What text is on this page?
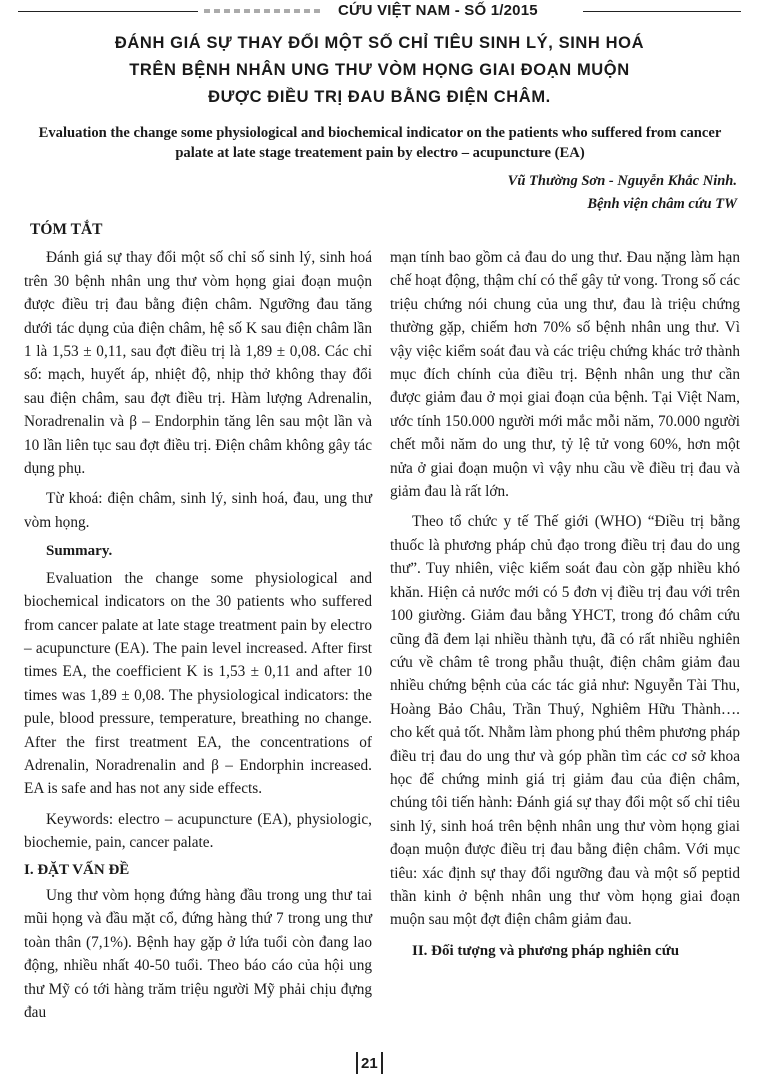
CỨU VIỆT NAM - SỐ 1/2015
ĐÁNH GIÁ SỰ THAY ĐỔI MỘT SỐ CHỈ TIÊU SINH LÝ, SINH HOÁ
TRÊN BỆNH NHÂN UNG THƯ VÒM HỌNG GIAI ĐOẠN MUỘN
ĐƯỢC ĐIỀU TRỊ ĐAU BẰNG ĐIỆN CHÂM.
Evaluation the change some physiological and biochemical indicator on the patients who suffered from cancer palate at late stage treatement pain by electro – acupuncture (EA)
Vũ Thường Sơn - Nguyễn Khắc Ninh.
Bệnh viện châm cứu TW
TÓM TẮT

Đánh giá sự thay đổi một số chỉ số sinh lý, sinh hoá trên 30 bệnh nhân ung thư vòm họng giai đoạn muộn được điều trị đau bằng điện châm. Ngưỡng đau tăng dưới tác dụng của điện châm, hệ số K sau điện châm lần 1 là 1,53 ± 0,11, sau đợt điều trị là 1,89 ± 0,08. Các chỉ số: mạch, huyết áp, nhiệt độ, nhịp thở không thay đổi sau điện châm, sau đợt điều trị. Hàm lượng Adrenalin, Noradrenalin và β – Endorphin tăng lên sau một lần và 10 lần liên tục sau đợt điều trị. Điện châm không gây tác dụng phụ.

Từ khoá: điện châm, sinh lý, sinh hoá, đau, ung thư vòm họng.

Summary.

Evaluation the change some physiological and biochemical indicators on the 30 patients who suffered from cancer palate at late stage treatment pain by electro – acupuncture (EA). The pain level increased. After first times EA, the coefficient K is 1,53 ± 0,11 and after 10 times was 1,89 ± 0,08. The physiological indicators: the pule, blood pressure, temperature, breathing no change. After the first treatment EA, the concentrations of Adrenalin, Noradrenalin and β – Endorphin increased. EA is safe and has not any side effects.

Keywords: electro – acupuncture (EA), physiologic, biochemie, pain, cancer palate.

I. ĐẶT VẤN ĐỀ

Ung thư vòm họng đứng hàng đầu trong ung thư tai mũi họng và đầu mặt cổ, đứng hàng thứ 7 trong ung thư toàn thân (7,1%). Bệnh hay gặp ở lứa tuổi còn đang lao động, nhiều nhất 40-50 tuổi. Theo báo cáo của hội ung thư Mỹ có tới hàng trăm triệu người Mỹ phải chịu đựng đau

mạn tính bao gồm cả đau do ung thư. Đau nặng làm hạn chế hoạt động, thậm chí có thể gây tử vong. Trong số các triệu chứng nói chung của ung thư, đau là triệu chứng thường gặp, chiếm hơn 70% số bệnh nhân ung thư. Vì vậy việc kiểm soát đau và các triệu chứng khác trở thành mục đích chính của điều trị. Bệnh nhân ung thư cần được giảm đau ở mọi giai đoạn của bệnh. Tại Việt Nam, ước tính 150.000 người mới mắc mỗi năm, 70.000 người chết mỗi năm do ung thư, tỷ lệ tử vong 60%, hơn một nửa ở giai đoạn muộn vì vậy nhu cầu về điều trị đau và giảm đau là rất lớn.

Theo tổ chức y tế Thế giới (WHO) “Điều trị bằng thuốc là phương pháp chủ đạo trong điều trị đau do ung thư”. Tuy nhiên, việc kiểm soát đau còn gặp nhiều khó khăn. Hiện cả nước mới có 5 đơn vị điều trị đau với trên 100 giường. Giảm đau bằng YHCT, trong đó châm cứu cũng đã đem lại nhiều thành tựu, đã có rất nhiều nghiên cứu về châm tê trong phẫu thuật, điện châm giảm đau nhiều chứng bệnh của các tác giả như: Nguyễn Tài Thu, Hoàng Bảo Châu, Trần Thuý, Nghiêm Hữu Thành…. cho kết quả tốt. Nhằm làm phong phú thêm phương pháp điều trị đau do ung thư và góp phần tìm các cơ sở khoa học để chứng minh giá trị giảm đau của điện châm, chúng tôi tiến hành: Đánh giá sự thay đổi một số chỉ tiêu sinh lý, sinh hoá trên bệnh nhân ung thư vòm họng giai đoạn muộn được điều trị đau bằng điện châm. Với mục tiêu: xác định sự thay đổi ngưỡng đau và một số peptid thần kinh ở bệnh nhân ung thư vòm họng giai đoạn muộn sau một đợt điện châm giảm đau.

II. Đối tượng và phương pháp nghiên cứu
21
